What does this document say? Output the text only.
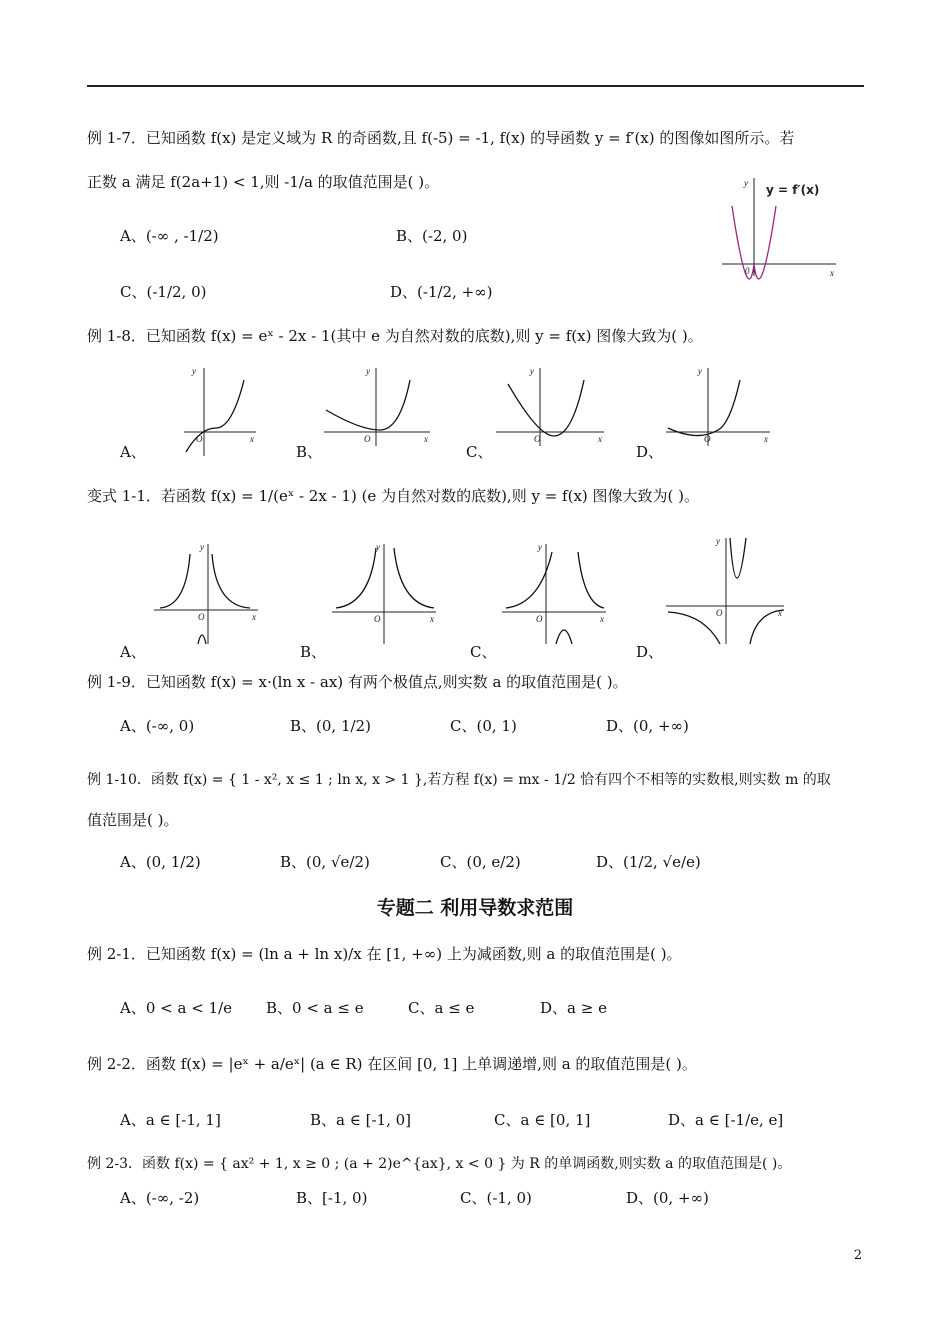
例 1-7．已知函数 f(x) 是定义域为 R 的奇函数,且 f(-5) = -1, f(x) 的导函数 y = f′(x) 的图像如图所示。若
正数 a 满足 f(2a+1) < 1,则 -1/a 的取值范围是( )。	y
x
0
y = f′(x)
A、(-∞ , -1/2)	B、(-2, 0)
C、(-1/2, 0)	D、(-1/2, +∞)
例 1-8．已知函数 f(x) = eˣ - 2x - 1(其中 e 为自然对数的底数),则 y = f(x) 图像大致为( )。
y
x
O
y
x
O
y
x
O
y
x
O
A、	B、	C、	D、
变式 1-1．若函数 f(x) = 1/(eˣ - 2x - 1) (e 为自然对数的底数),则 y = f(x) 图像大致为( )。
y
x
O
y
x
O
y
x
O
y
x
O
A、	B、	C、	D、
例 1-9．已知函数 f(x) = x·(ln x - ax) 有两个极值点,则实数 a 的取值范围是( )。
A、(-∞, 0)	B、(0, 1/2)	C、(0, 1)	D、(0, +∞)
例 1-10．函数 f(x) = { 1 - x², x ≤ 1 ; ln x, x > 1 },若方程 f(x) = mx - 1/2 恰有四个不相等的实数根,则实数 m 的取
值范围是( )。
A、(0, 1/2)	B、(0, √e/2)	C、(0, e/2)	D、(1/2, √e/e)
专题二 利用导数求范围
例 2-1．已知函数 f(x) = (ln a + ln x)/x 在 [1, +∞) 上为减函数,则 a 的取值范围是( )。
A、0 < a < 1/e B、0 < a ≤ e	C、a ≤ e	D、a ≥ e
例 2-2．函数 f(x) = |eˣ + a/eˣ| (a ∈ R) 在区间 [0, 1] 上单调递增,则 a 的取值范围是( )。
A、a ∈ [-1, 1]	B、a ∈ [-1, 0]	C、a ∈ [0, 1]	D、a ∈ [-1/e, e]
例 2-3．函数 f(x) = { ax² + 1, x ≥ 0 ; (a + 2)e^{ax}, x < 0 } 为 R 的单调函数,则实数 a 的取值范围是( )。
A、(-∞, -2)	B、[-1, 0)	C、(-1, 0)	D、(0, +∞)
2
